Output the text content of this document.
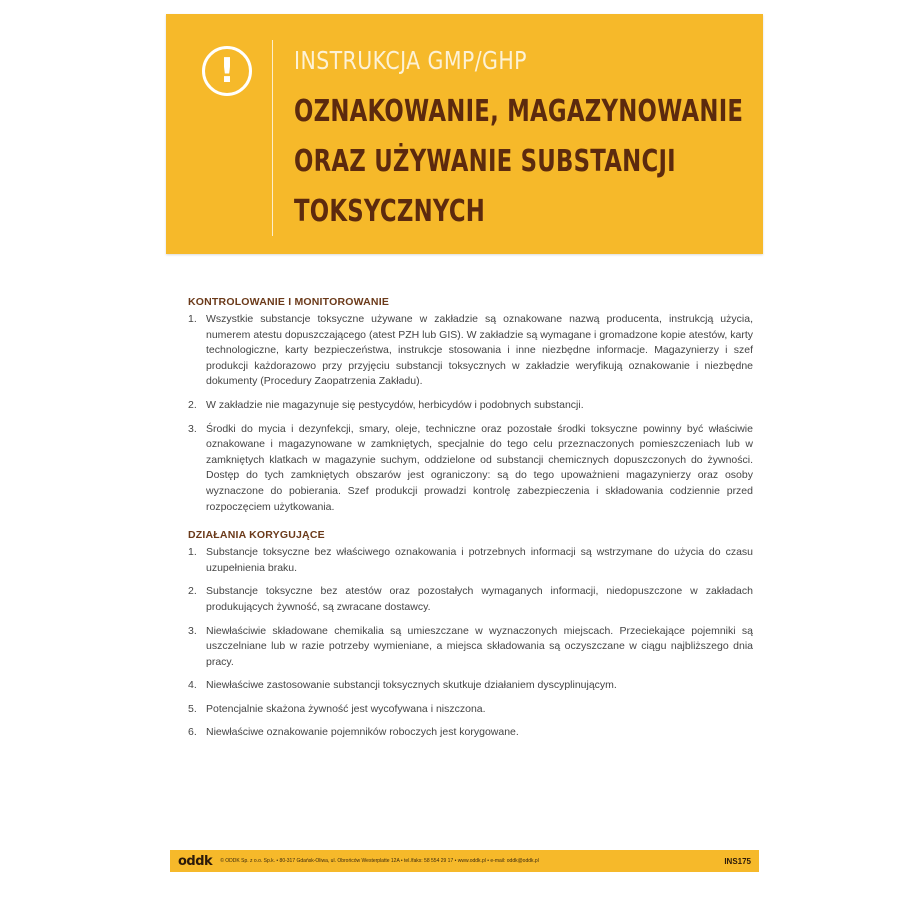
!	INSTRUKCJA GMP/GHP
OZNAKOWANIE, MAGAZYNOWANIE
ORAZ UŻYWANIE SUBSTANCJI
TOKSYCZNYCH
KONTROLOWANIE I MONITOROWANIE
1. Wszystkie substancje toksyczne używane w zakładzie są oznakowane nazwą producenta, instrukcją użycia, numerem atestu dopuszczającego (atest PZH lub GIS). W zakładzie są wymagane i gromadzone kopie atestów, karty technologiczne, karty bezpieczeństwa, instrukcje stosowania i inne niezbędne informacje. Magazynierzy i szef produkcji każdorazowo przy przyjęciu substancji toksycznych w zakładzie weryfikują oznakowanie i niezbędne dokumenty (Procedury Zaopatrzenia Zakładu).
2. W zakładzie nie magazynuje się pestycydów, herbicydów i podobnych substancji.
3. Środki do mycia i dezynfekcji, smary, oleje, techniczne oraz pozostałe środki toksyczne powinny być właściwie oznakowane i magazynowane w zamkniętych, specjalnie do tego celu przeznaczonych pomieszczeniach lub w zamkniętych klatkach w magazynie suchym, oddzielone od substancji chemicznych dopuszczonych do żywności. Dostęp do tych zamkniętych obszarów jest ograniczony: są do tego upoważnieni magazynierzy oraz osoby wyznaczone do pobierania. Szef produkcji prowadzi kontrolę zabezpieczenia i składowania codziennie przed rozpoczęciem użytkowania.
DZIAŁANIA KORYGUJĄCE
1. Substancje toksyczne bez właściwego oznakowania i potrzebnych informacji są wstrzymane do użycia do czasu uzupełnienia braku.
2. Substancje toksyczne bez atestów oraz pozostałych wymaganych informacji, niedopuszczone w zakładach produkujących żywność, są zwracane dostawcy.
3. Niewłaściwie składowane chemikalia są umieszczane w wyznaczonych miejscach. Przeciekające pojemniki są uszczelniane lub w razie potrzeby wymieniane, a miejsca składowania są oczyszczane w ciągu najbliższego dnia pracy.
4. Niewłaściwe zastosowanie substancji toksycznych skutkuje działaniem dyscyplinującym.
5. Potencjalnie skażona żywność jest wycofywana i niszczona.
6. Niewłaściwe oznakowanie pojemników roboczych jest korygowane.
oddk © ODDK Sp. z o.o. Sp.k. • 80-317 Gdańsk-Oliwa, ul. Obrońców Westerplatte 12A • tel./faks: 58 554 29 17 • www.oddk.pl • e-mail: oddk@oddk.pl	INS175
